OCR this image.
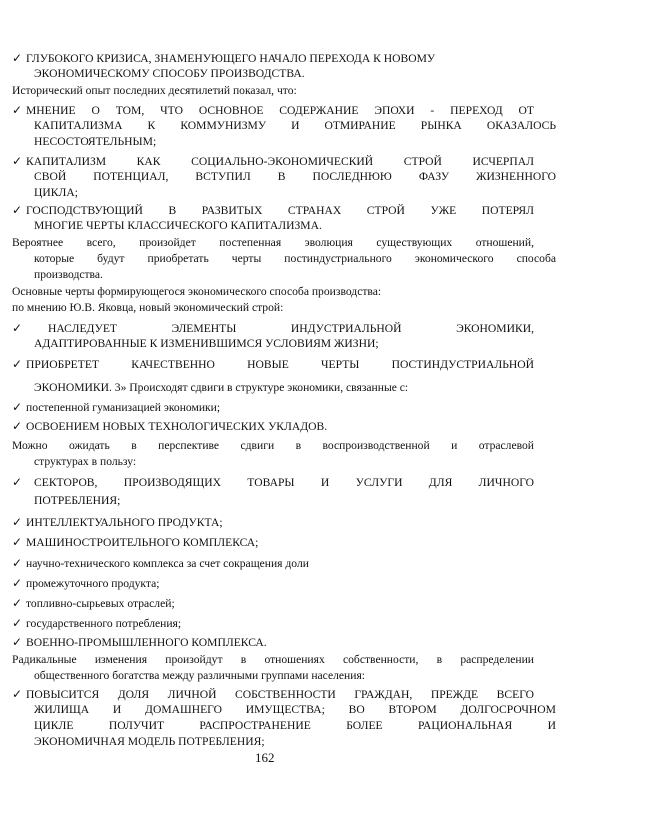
✓ ГЛУБОКОГО КРИЗИСА, ЗНАМЕНУЮЩЕГО НАЧАЛО ПЕРЕХОДА К НОВОМУ
ЭКОНОМИЧЕСКОМУ СПОСОБУ ПРОИЗВОДСТВА.
Исторический опыт последних десятилетий показал, что:
✓ МНЕНИЕ О ТОМ, ЧТО ОСНОВНОЕ СОДЕРЖАНИЕ ЭПОХИ - ПЕРЕХОД ОТ
КАПИТАЛИЗМА К КОММУНИЗМУ И ОТМИРАНИЕ РЫНКА ОКАЗАЛОСЬ
НЕСОСТОЯТЕЛЬНЫМ;
✓ КАПИТАЛИЗМ КАК СОЦИАЛЬНО-ЭКОНОМИЧЕСКИЙ СТРОЙ ИСЧЕРПАЛ
СВОЙ ПОТЕНЦИАЛ, ВСТУПИЛ В ПОСЛЕДНЮЮ ФАЗУ ЖИЗНЕННОГО
ЦИКЛА;
✓ ГОСПОДСТВУЮЩИЙ В РАЗВИТЫХ СТРАНАХ СТРОЙ УЖЕ ПОТЕРЯЛ
МНОГИЕ ЧЕРТЫ КЛАССИЧЕСКОГО КАПИТАЛИЗМА.
Вероятнее всего, произойдет постепенная эволюция существующих отношений,
которые будут приобретать черты постиндустриального экономического способа
производства.
Основные черты формирующегося экономического способа производства:
по мнению Ю.В. Яковца, новый экономический строй:
✓ НАСЛЕДУЕТ ЭЛЕМЕНТЫ ИНДУСТРИАЛЬНОЙ ЭКОНОМИКИ,
АДАПТИРОВАННЫЕ К ИЗМЕНИВШИМСЯ УСЛОВИЯМ ЖИЗНИ;
✓ ПРИОБРЕТЕТ КАЧЕСТВЕННО НОВЫЕ ЧЕРТЫ ПОСТИНДУСТРИАЛЬНОЙ
ЭКОНОМИКИ. 3» Происходят сдвиги в структуре экономики, связанные с:
✓ постепенной гуманизацией экономики;
✓ ОСВОЕНИЕМ НОВЫХ ТЕХНОЛОГИЧЕСКИХ УКЛАДОВ.
Можно ожидать в перспективе сдвиги в воспроизводственной и отраслевой
структурах в пользу:
✓ СЕКТОРОВ, ПРОИЗВОДЯЩИХ ТОВАРЫ И УСЛУГИ ДЛЯ ЛИЧНОГО
ПОТРЕБЛЕНИЯ;
✓ ИНТЕЛЛЕКТУАЛЬНОГО ПРОДУКТА;
✓ МАШИНОСТРОИТЕЛЬНОГО КОМПЛЕКСА;
✓ научно-технического комплекса за счет сокращения доли
✓ промежуточного продукта;
✓ топливно-сырьевых отраслей;
✓ государственного потребления;
✓ ВОЕННО-ПРОМЫШЛЕННОГО КОМПЛЕКСА.
Радикальные изменения произойдут в отношениях собственности, в распределении
общественного богатства между различными группами населения:
✓ ПОВЫСИТСЯ ДОЛЯ ЛИЧНОЙ СОБСТВЕННОСТИ ГРАЖДАН, ПРЕЖДЕ ВСЕГО
ЖИЛИЩА И ДОМАШНЕГО ИМУЩЕСТВА; ВО ВТОРОМ ДОЛГОСРОЧНОМ
ЦИКЛЕ ПОЛУЧИТ РАСПРОСТРАНЕНИЕ БОЛЕЕ РАЦИОНАЛЬНАЯ И
ЭКОНОМИЧНАЯ МОДЕЛЬ ПОТРЕБЛЕНИЯ;
162
